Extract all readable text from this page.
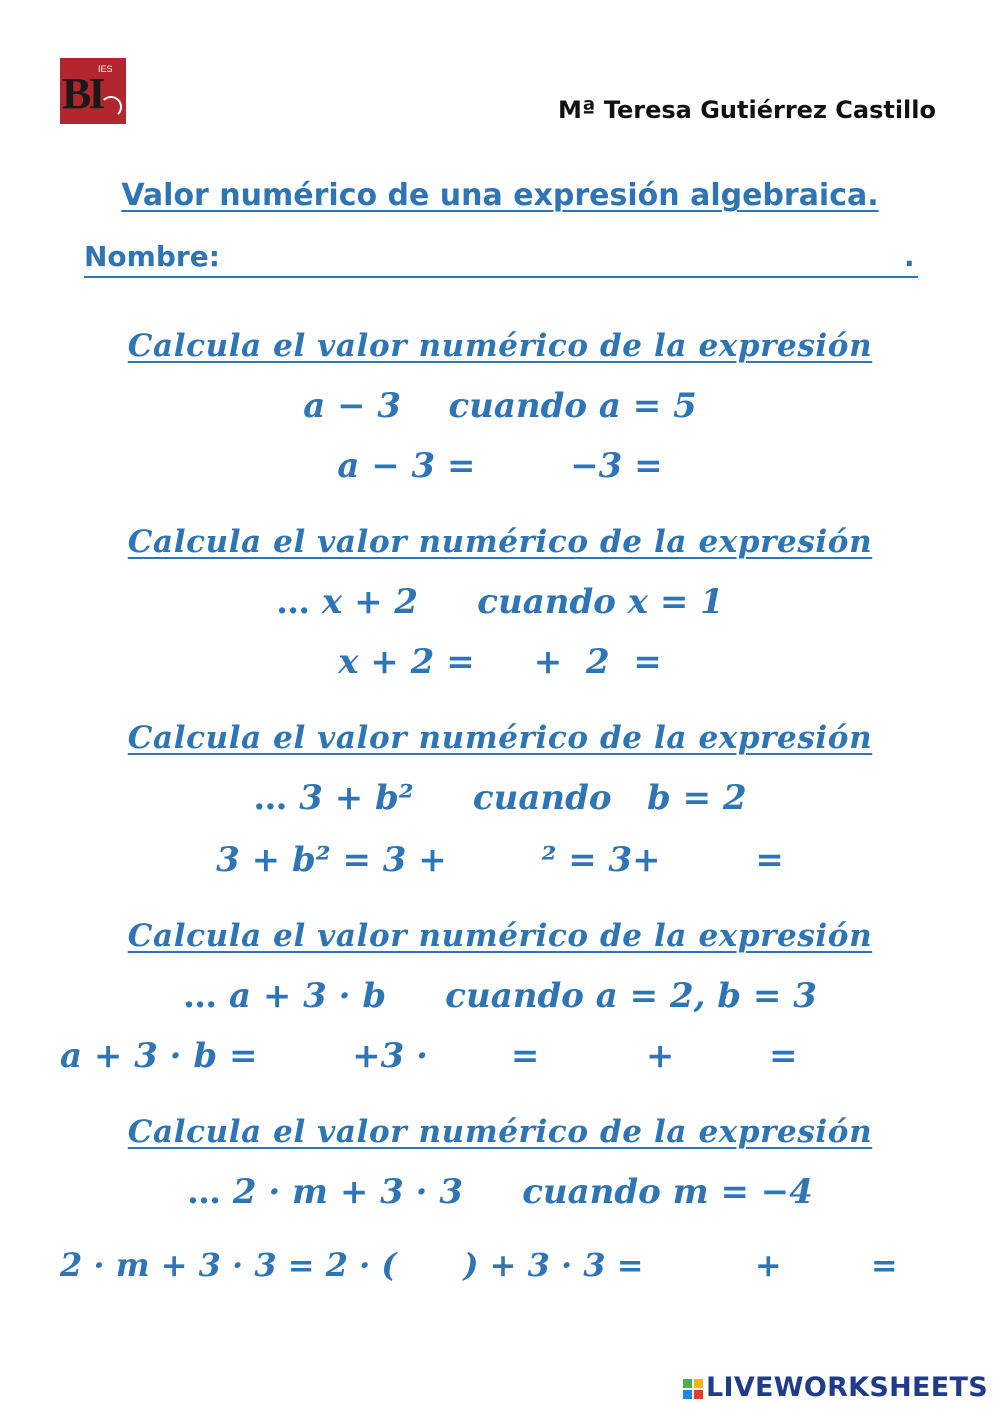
BI
IES
Mª Teresa Gutiérrez Castillo
Valor numérico de una expresión algebraica.
Nombre:	.
Calcula el valor numérico de la expresión
a − 3 cuando a = 5
a − 3 =        −3 =
Calcula el valor numérico de la expresión
… x + 2 cuando x = 1
x + 2 =     +  2  =
Calcula el valor numérico de la expresión
… 3 + b² cuando   b = 2
3 + b² = 3 +        ² = 3+        =
Calcula el valor numérico de la expresión
… a + 3 · b cuando a = 2, b = 3
a + 3 · b =        +3 ·       =         +        =
Calcula el valor numérico de la expresión
… 2 · m + 3 · 3 cuando m = −4
2 · m + 3 · 3 = 2 · (      ) + 3 · 3 =          +        =
LIVEWORKSHEETS
